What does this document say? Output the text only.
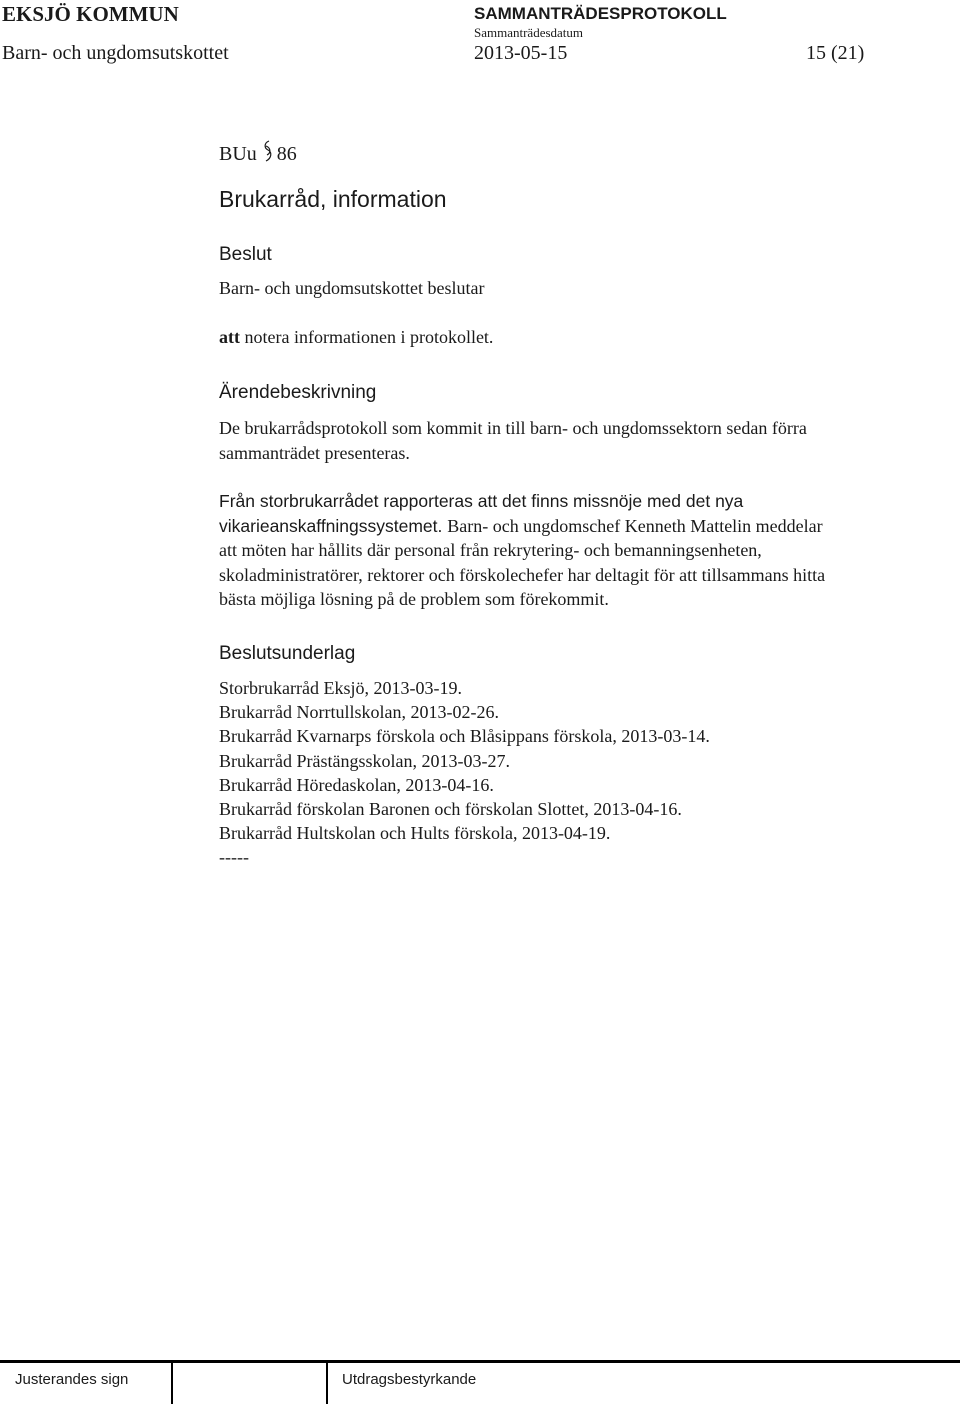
EKSJÖ KOMMUN	SAMMANTRÄDESPROTOKOLL
Sammanträdesdatum
Barn- och ungdomsutskottet	2013-05-15	15 (21)
BUu 86
Brukarråd, information
Beslut
Barn- och ungdomsutskottet beslutar
att notera informationen i protokollet.
Ärendebeskrivning
De brukarrådsprotokoll som kommit in till barn- och ungdomssektorn sedan förra
sammanträdet presenteras.
Från storbrukarrådet rapporteras att det finns missnöje med det nya
vikarieanskaffningssystemet. Barn- och ungdomschef Kenneth Mattelin meddelar
att möten har hållits där personal från rekrytering- och bemanningsenheten,
skoladministratörer, rektorer och förskolechefer har deltagit för att tillsammans hitta
bästa möjliga lösning på de problem som förekommit.
Beslutsunderlag
Storbrukarråd Eksjö, 2013-03-19.
Brukarråd Norrtullskolan, 2013-02-26.
Brukarråd Kvarnarps förskola och Blåsippans förskola, 2013-03-14.
Brukarråd Prästängsskolan, 2013-03-27.
Brukarråd Höredaskolan, 2013-04-16.
Brukarråd förskolan Baronen och förskolan Slottet, 2013-04-16.
Brukarråd Hultskolan och Hults förskola, 2013-04-19.
-----
Justerandes sign	Utdragsbestyrkande
